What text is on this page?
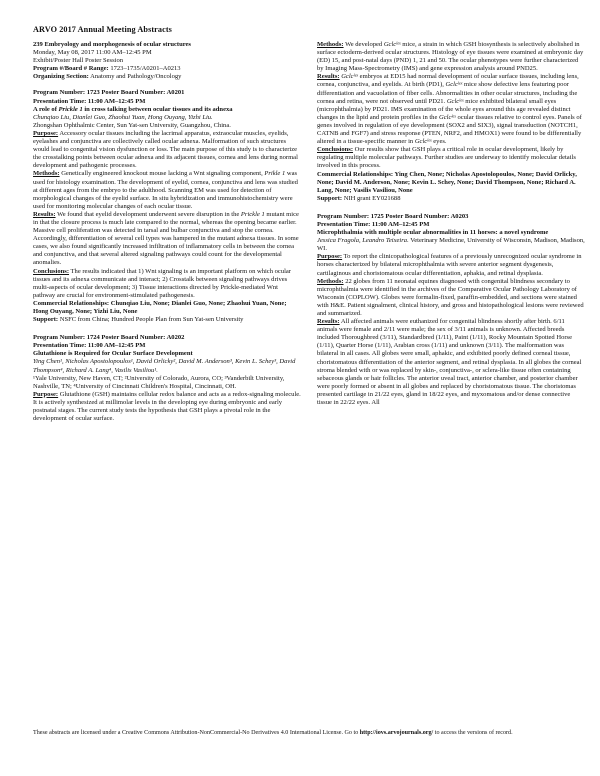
ARVO 2017 Annual Meeting Abstracts

239 Embryology and morphogenesis of ocular structures

Monday, May 08, 2017 11:00 AM–12:45 PM

Exhibit/Poster Hall Poster Session

Program #/Board # Range: 1723–1735/A0201–A0213

Organizing Section: Anatomy and Pathology/Oncology

Program Number: 1723 Poster Board Number: A0201

Presentation Time: 11:00 AM–12:45 PM

A role of Prickle 1 in cross talking between ocular tissues and its adnexa

Chunqiao Liu, Dianlei Guo, Zhaohui Yuan, Hong Ouyang, Yizhi Liu.

Zhongshan Ophthalmic Center, Sun Yat-sen University, Guangzhou, China.

Purpose: Accessory ocular tissues including the lacrimal apparatus, extraocular muscles, eyelids, eyelashes and conjunctiva are collectively called ocular adnexa. Malformation of such structures would lead to congenital vision dysfunction or loss. The main purpose of this study is to characterize the crosstalking points between ocular adnexa and its adjacent tissues, cornea and lens during normal development and pathogenic processes.

Methods: Genetically engineered knockout mouse lacking a Wnt signaling component, Prikle 1 was used for histology examination. The development of eyelid, cornea, conjunctiva and lens was studied at different ages from the embryo to the adulthood. Scanning EM was used for detection of morphological changes of the eyelid surface. In situ hybridization and immunohistochemistry were used for monitoring molecular changes of each ocular tissue.

Results: We found that eyelid development underwent severe disruption in the Prickle 1 mutant mice in that the closure process is much late compared to the normal, whereas the opening became earlier. Massive cell proliferation was detected in tarsal and bulbar conjunctiva and stop the cornea. Accordingly, differentiation of several cell types was hampered in the mutant adnexa tissues. In some cases, we also found significantly increased infiltration of inflammatory cells in between the cornea and conjunctiva, and that several altered signaling pathways could count for the developmental anomalies.

Conclusions: The results indicated that 1) Wnt signaling is an important platform on which ocular tissues and its adnexa communicate and interact; 2) Crosstalk between signaling pathways drives multi-aspects of ocular development; 3) Tissue interactions directed by Prickle-mediated Wnt pathway are crucial for environment-stimulated pathogenesis.

Commercial Relationships: Chunqiao Liu, None; Dianlei Guo, None; Zhaohui Yuan, None; Hong Ouyang, None; Yizhi Liu, None

Support: NSFC from China; Hundred People Plan from Sun Yat-sen University

Program Number: 1724 Poster Board Number: A0202

Presentation Time: 11:00 AM–12:45 PM

Glutathione is Required for Ocular Surface Development

Ying Chen¹, Nicholas Apostolopoulos¹, David Orlicky², David M. Anderson³, Kevin L. Schey³, David Thompson⁴, Richard A. Lang⁴, Vasilis Vasiliou¹.

¹Yale University, New Haven, CT; ²University of Colorado, Aurora, CO; ³Vanderbilt University, Nashville, TN; ⁴University of Cincinnati Children's Hospital, Cincinnati, OH.

Purpose: Glutathione (GSH) maintains cellular redox balance and acts as a redox-signaling molecule. It is actively synthesized at millimolar levels in the developing eye during embryonic and early postnatal stages. The current study tests the hypothesis that GSH plays a pivotal role in the development of ocular surface.

Methods: We developed Gclcˡᵉˣ mice, a strain in which GSH biosynthesis is selectively abolished in surface ectoderm-derived ocular structures. Histology of eye tissues were examined at embryonic day (ED) 15, and post-natal days (PND) 1, 21 and 50. The ocular phenotypes were further characterized by Imaging Mass-Spectrometry (IMS) and gene expression analysis around PND25.

Results: Gclcˡᵉˣ embryos at ED15 had normal development of ocular surface tissues, including lens, cornea, conjunctiva, and eyelids. At birth (PD1), Gclcˡᵉˣ mice show defective lens featuring poor differentiation and vacuolation of fiber cells. Abnormalities in other ocular structures, including the cornea and retina, were not observed until PD21. Gclcˡᵉˣ mice exhibited bilateral small eyes (microphthalmia) by PD21. IMS examination of the whole eyes around this age revealed distinct changes in the lipid and protein profiles in the Gclcˡᵉˣ ocular tissues relative to control eyes. Panels of genes involved in regulation of eye development (SOX2 and SIX3), signal transduction (NOTCH1, CATNB and FGF7) and stress response (PTEN, NRF2, and HMOX1) were found to be differentially altered in a tissue-specific manner in Gclcˡᵉˣ eyes.

Conclusions: Our results show that GSH plays a critical role in ocular development, likely by regulating multiple molecular pathways. Further studies are underway to identify molecular details involved in this process.

Commercial Relationships: Ying Chen, None; Nicholas Apostolopoulos, None; David Orlicky, None; David M. Anderson, None; Kevin L. Schey, None; David Thompson, None; Richard A. Lang, None; Vasilis Vasiliou, None

Support: NIH grant EY021688

Program Number: 1725 Poster Board Number: A0203

Presentation Time: 11:00 AM–12:45 PM

Microphthalmia with multiple ocular abnormalities in 11 horses: a novel syndrome

Jessica Fragola, Leandro Teixeira. Veterinary Medicine, University of Wisconsin, Madison, Madison, WI.

Purpose: To report the clinicopathological features of a previously unrecognized ocular syndrome in horses characterized by bilateral microphthalmia with severe anterior segment dysgenesis, cartilaginous and choristomatous ocular differentiation, aphakia, and retinal dysplasia.

Methods: 22 globes from 11 neonatal equines diagnosed with congenital blindness secondary to microphthalmia were identified in the archives of the Comparative Ocular Pathology Laboratory of Wisconsin (COPLOW). Globes were formalin-fixed, paraffin-embedded, and sections were stained with H&E. Patient signalment, clinical history, and gross and histopathological lesions were reviewed and summarized.

Results: All affected animals were euthanized for congenital blindness shortly after birth. 6/11 animals were female and 2/11 were male; the sex of 3/11 animals is unknown. Affected breeds included Thoroughbred (3/11), Standardbred (1/11), Paint (1/11), Rocky Mountain Spotted Horse (1/11), Quarter Horse (1/11), Arabian cross (1/11) and unknown (3/11). The malformation was bilateral in all cases. All globes were small, aphakic, and exhibited poorly defined corneal tissue, choristomatous differentiation of the anterior segment, and retinal dysplasia. In all globes the corneal stroma blended with or was replaced by skin-, conjunctiva-, or sclera-like tissue often containing sebaceous glands or hair follicles. The anterior uveal tract, anterior chamber, and posterior chamber were poorly formed or absent in all globes and replaced by choristomatous tissue. The choristomas presented cartilage in 21/22 eyes, gland in 18/22 eyes, and myxomatous and/or dense connective tissue in 22/22 eyes. All

These abstracts are licensed under a Creative Commons Attribution-NonCommercial-No Derivatives 4.0 International License. Go to http://iovs.arvojournals.org/ to access the versions of record.
